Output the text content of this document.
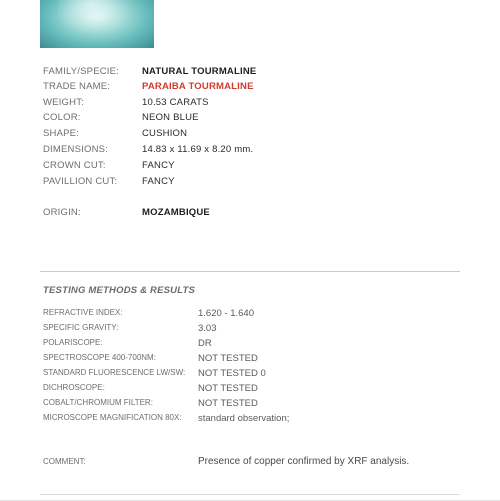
FAMILY/SPECIE:	NATURAL TOURMALINE
TRADE NAME:	PARAIBA TOURMALINE
WEIGHT:	10.53 CARATS
COLOR:	NEON BLUE
SHAPE:	CUSHION
DIMENSIONS:	14.83 x 11.69 x 8.20 mm.
CROWN CUT:	FANCY
PAVILLION CUT:	FANCY
ORIGIN:	MOZAMBIQUE
TESTING METHODS & RESULTS
REFRACTIVE INDEX:	1.620 - 1.640
SPECIFIC GRAVITY:	3.03
POLARISCOPE:	DR
SPECTROSCOPE 400-700NM:	NOT TESTED
STANDARD FLUORESCENCE LW/SW:	NOT TESTED 0
DICHROSCOPE:	NOT TESTED
COBALT/CHROMIUM FILTER:	NOT TESTED
MICROSCOPE MAGNIFICATION 80X:	standard observation;
COMMENT:	Presence of copper confirmed by XRF analysis.
